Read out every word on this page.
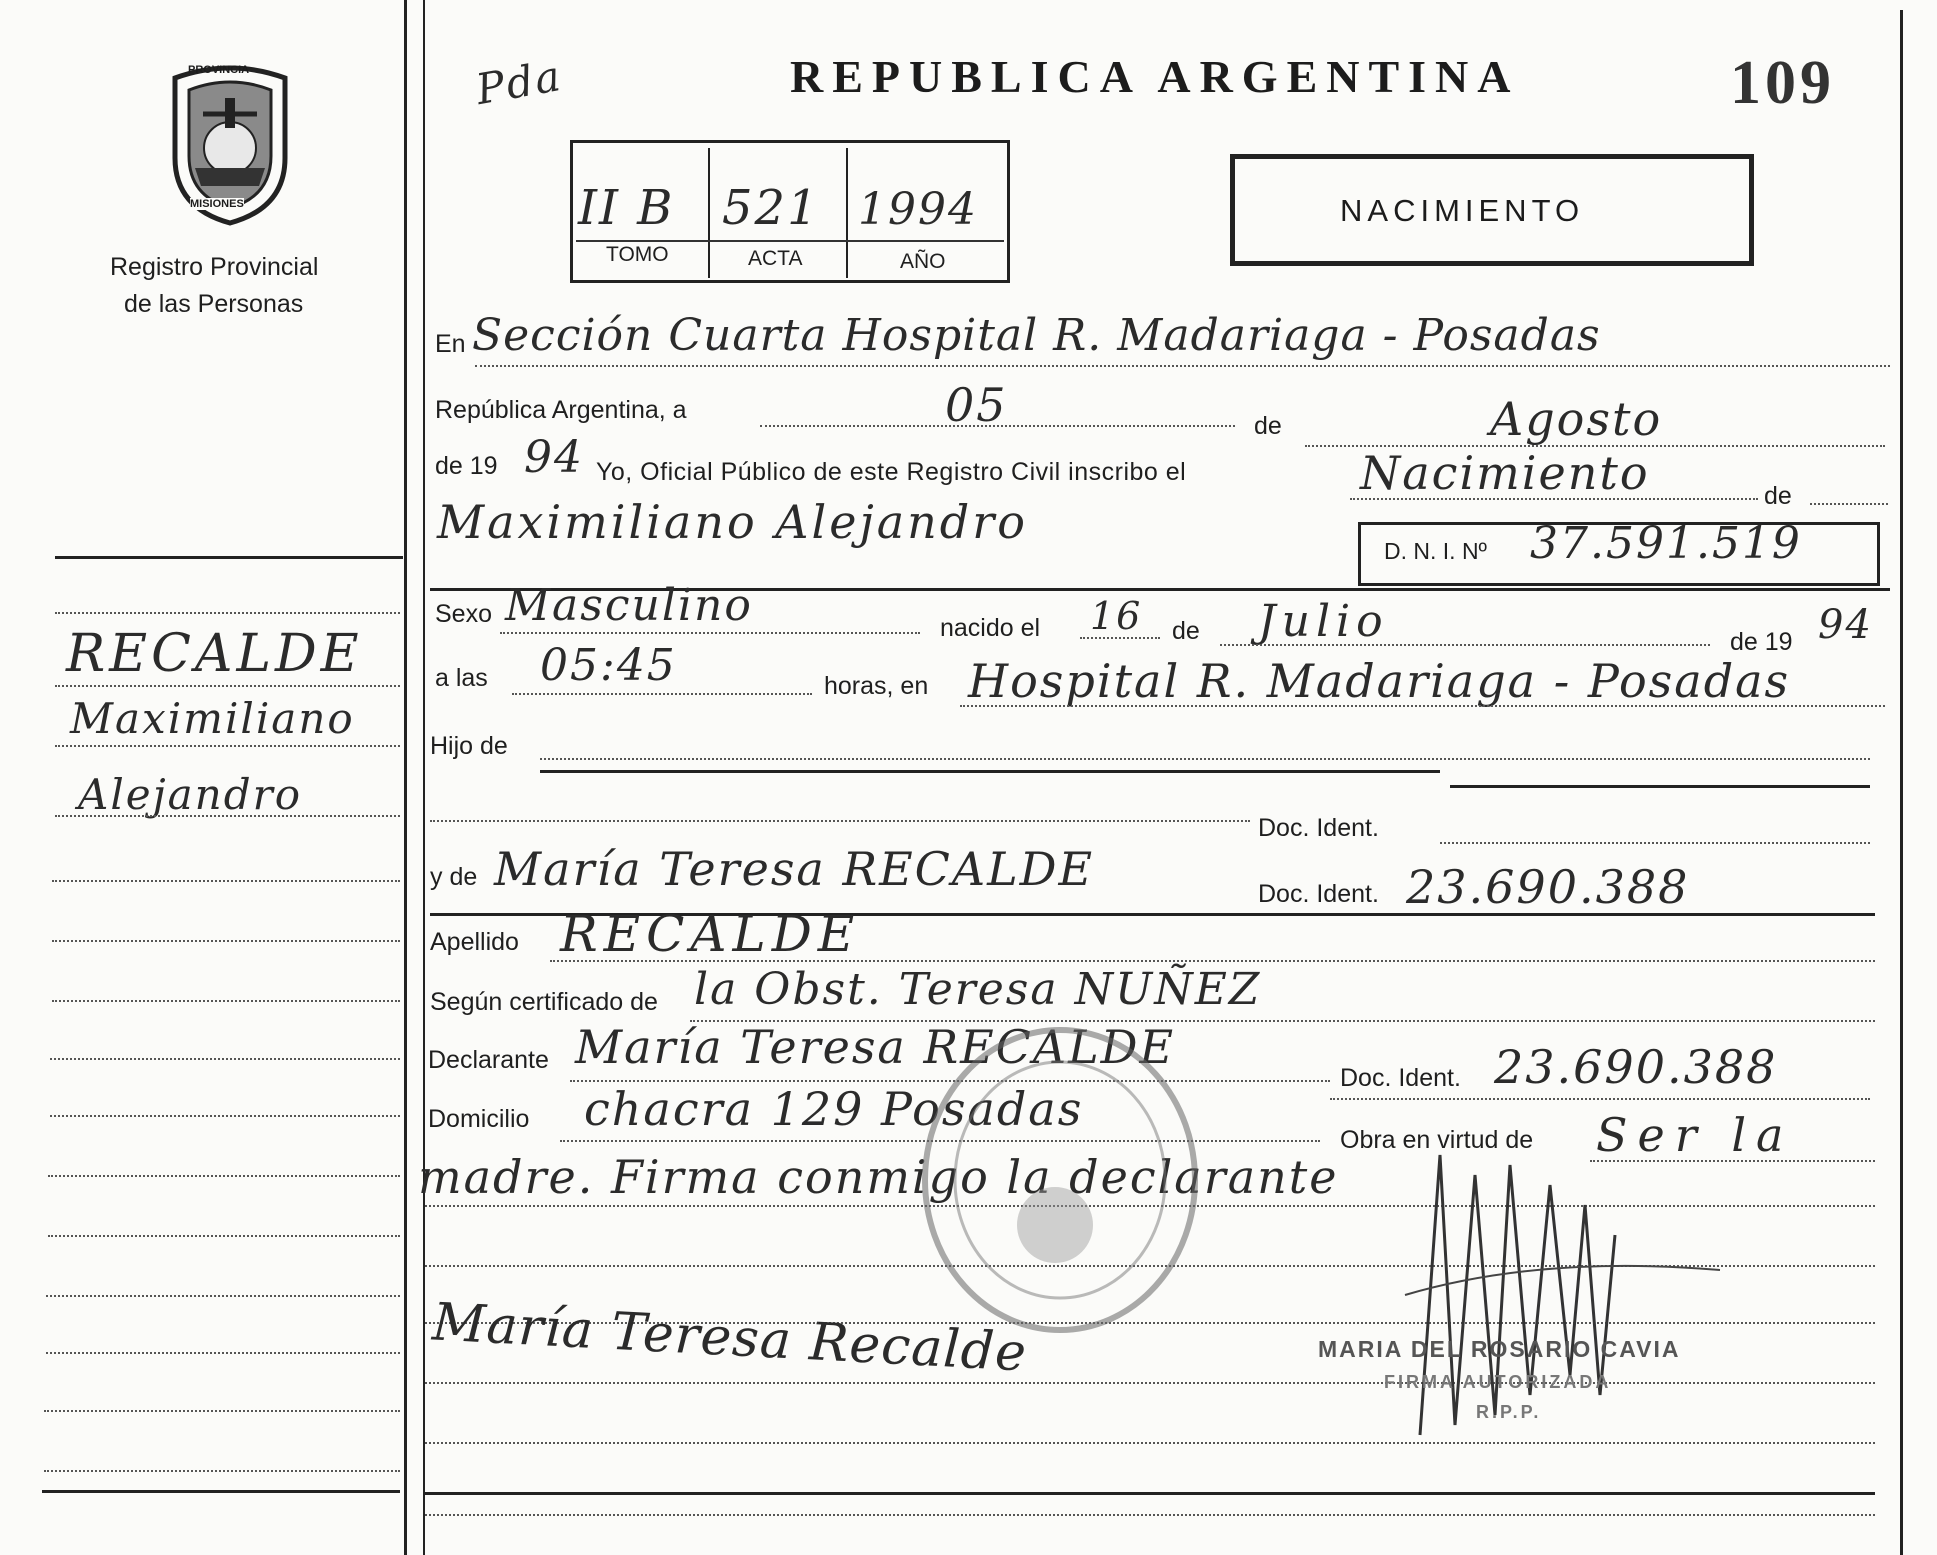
PROVINCIA
MISIONES
Registro Provincial
de las Personas
RECALDE
Maximiliano
Alejandro
Pda	REPUBLICA ARGENTINA	109
II B 521 1994
TOMO	ACTA	AÑO
NACIMIENTO
En Sección Cuarta Hospital R. Madariaga - Posadas
República Argentina, a	05	de	Agosto
de 19 94 Yo, Oficial Público de este Registro Civil inscribo el	Nacimiento	de
Maximiliano Alejandro
D. N. I. Nº 37.591.519
Sexo Masculino	nacido el 16 de Julio	de 19 94
a las 05:45	horas, en Hospital R. Madariaga - Posadas
Hijo de
Doc. Ident.
y de María Teresa RECALDE	Doc. Ident. 23.690.388
Apellido RECALDE
Según certificado de la Obst. Teresa NUÑEZ
Declarante María Teresa RECALDE
Doc. Ident. 23.690.388
Domicilio chacra 129 Posadas
Obra en virtud de Ser la
madre. Firma conmigo la declarante
María Teresa Recalde	MARIA DEL ROSARIO CAVIA
FIRMA AUTORIZADA
R.P.P.
